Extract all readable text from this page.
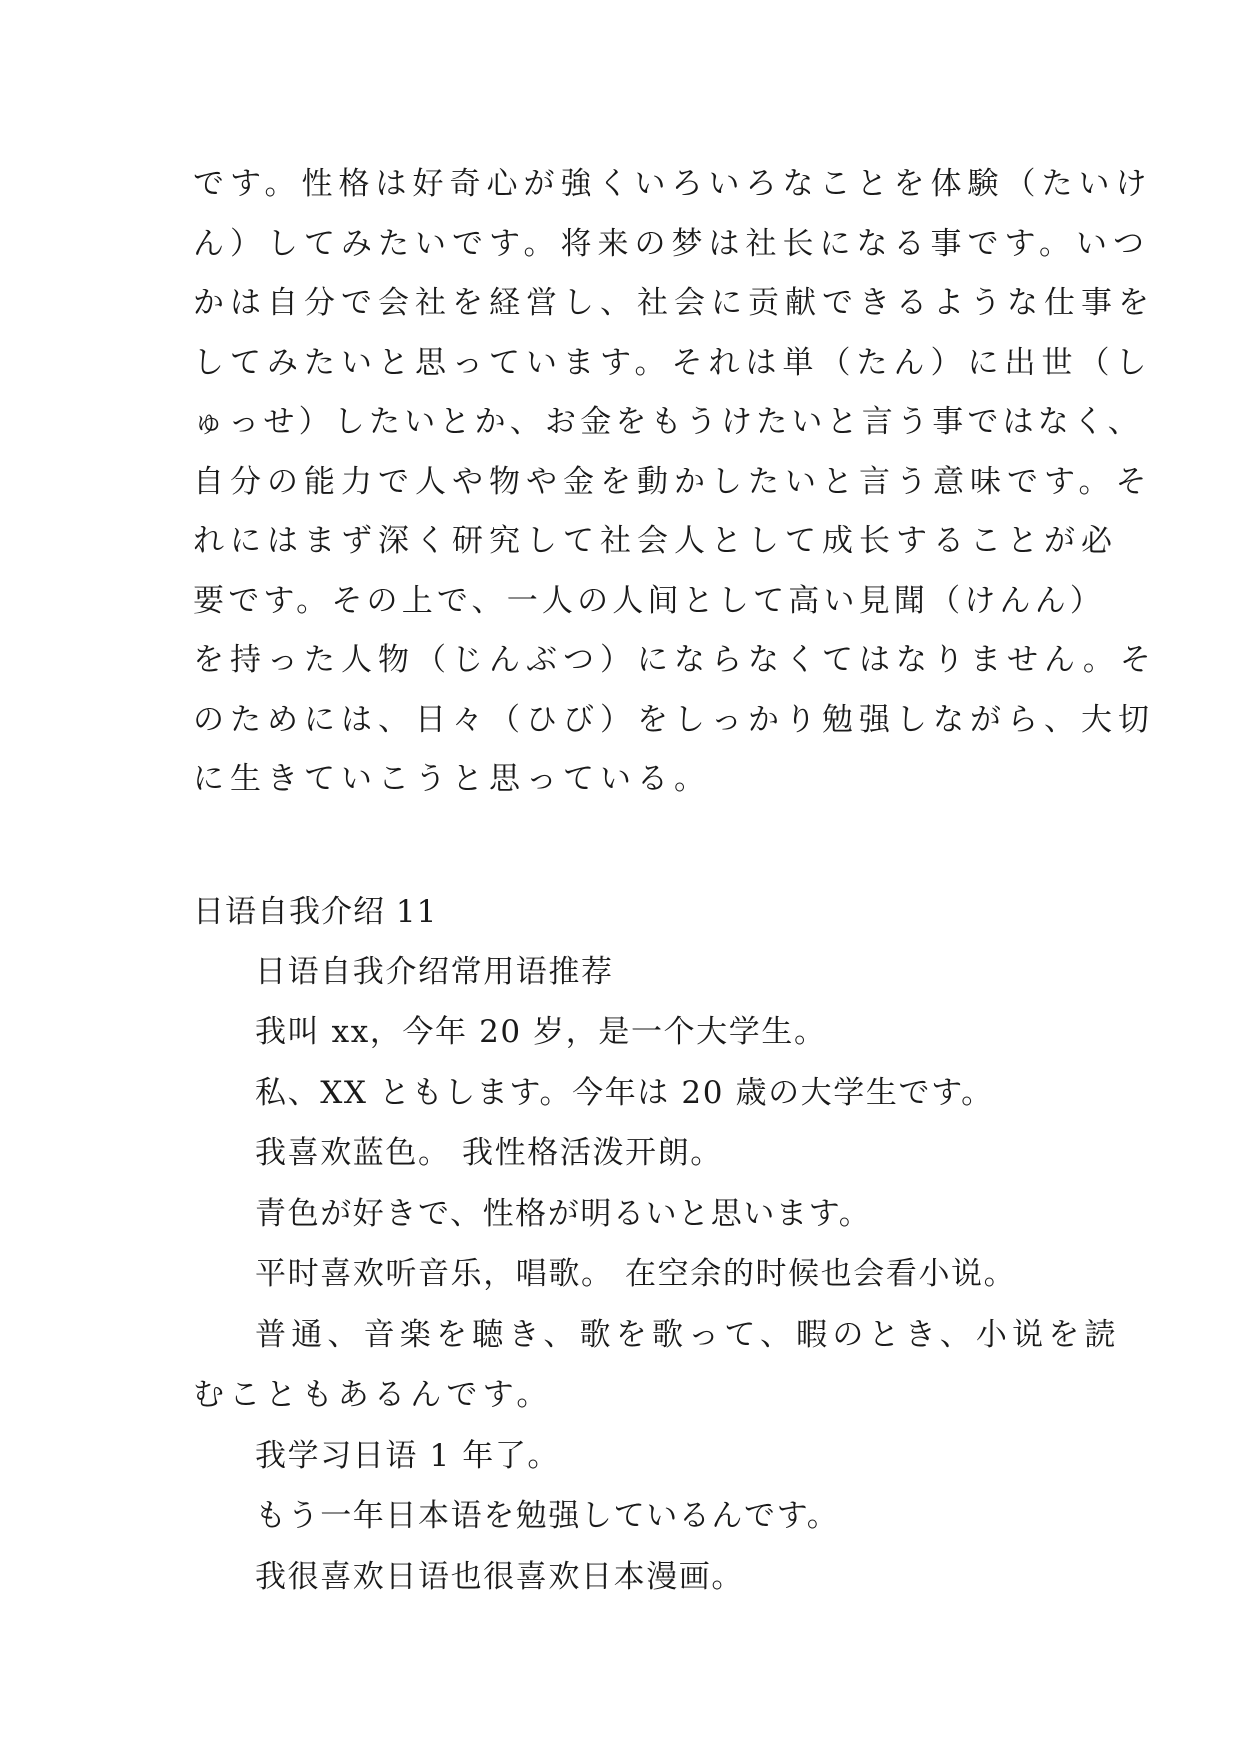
です。性格は好奇心が強くいろいろなことを体験（たいけ
ん）してみたいです。将来の梦は社长になる事です。いつ
かは自分で会社を経営し、社会に贡献できるような仕事を
してみたいと思っています。それは単（たん）に出世（し
ゅっせ）したいとか、お金をもうけたいと言う事ではなく、
自分の能力で人や物や金を動かしたいと言う意味です。そ
れにはまず深く研究して社会人として成长することが必
要です。その上で、一人の人间として高い見聞（けんん）
を持った人物（じんぶつ）にならなくてはなりません。そ
のためには、日々（ひび）をしっかり勉强しながら、大切
に生きていこうと思っている。
日语自我介绍 11
日语自我介绍常用语推荐
我叫 xx，今年 20 岁，是一个大学生。
私、XX ともします。今年は 20 歳の大学生です。
我喜欢蓝色。 我性格活泼开朗。
青色が好きで、性格が明るいと思います。
平时喜欢听音乐，唱歌。 在空余的时候也会看小说。
普通、音楽を聴き、歌を歌って、暇のとき、小说を読
むこともあるんです。
我学习日语 1 年了。
もう一年日本语を勉强しているんです。
我很喜欢日语也很喜欢日本漫画。
